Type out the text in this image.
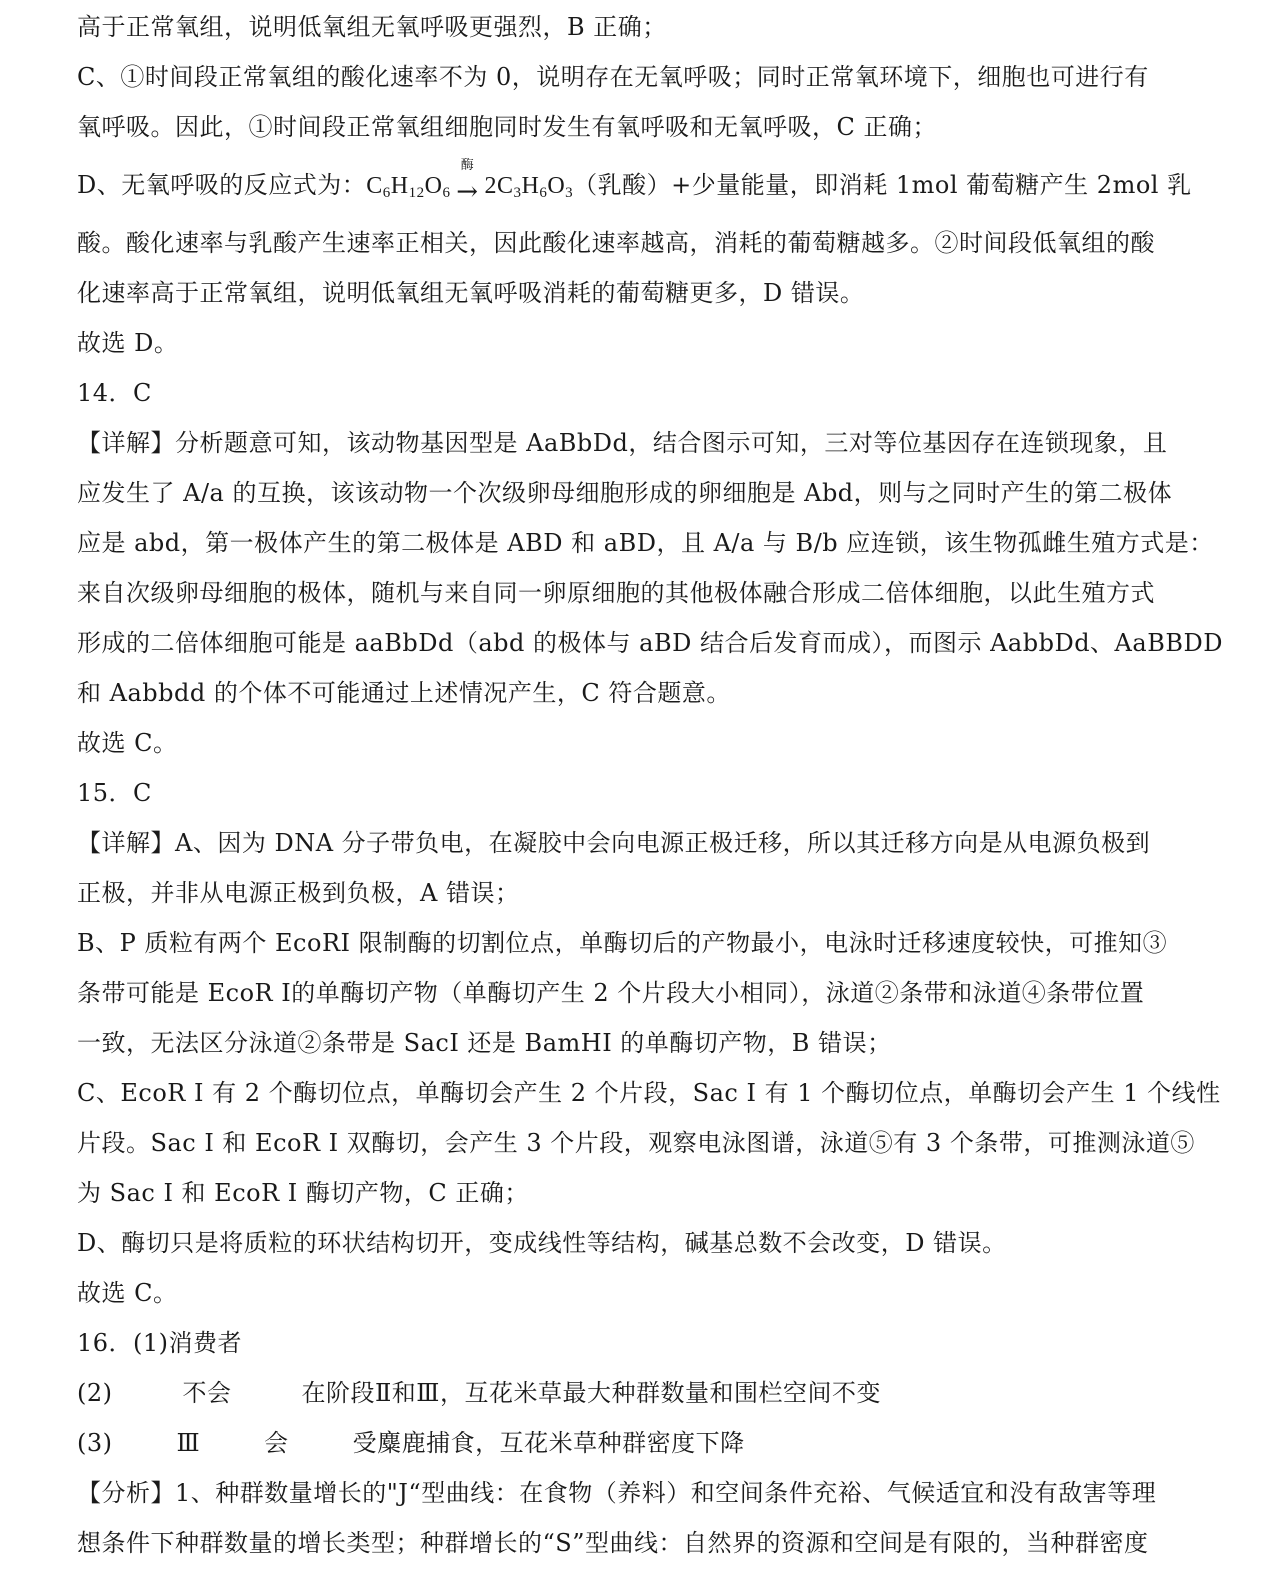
高于正常氧组，说明低氧组无氧呼吸更强烈，B 正确；
C、①时间段正常氧组的酸化速率不为 0，说明存在无氧呼吸；同时正常氧环境下，细胞也可进行有
氧呼吸。因此，①时间段正常氧组细胞同时发生有氧呼吸和无氧呼吸，C 正确；
D、无氧呼吸的反应式为：$C_6H_{12}O_6$
酶
→ $2C_3H_6O_3$（乳酸）+少量能量，即消耗 1mol 葡萄糖产生 2mol 乳
酸。酸化速率与乳酸产生速率正相关，因此酸化速率越高，消耗的葡萄糖越多。②时间段低氧组的酸
化速率高于正常氧组，说明低氧组无氧呼吸消耗的葡萄糖更多，D 错误。
故选 D。
14．C
【详解】分析题意可知，该动物基因型是 AaBbDd，结合图示可知，三对等位基因存在连锁现象，且
应发生了 A/a 的互换，该该动物一个次级卵母细胞形成的卵细胞是 Abd，则与之同时产生的第二极体
应是 abd，第一极体产生的第二极体是 ABD 和 aBD，且 A/a 与 B/b 应连锁，该生物孤雌生殖方式是：
来自次级卵母细胞的极体，随机与来自同一卵原细胞的其他极体融合形成二倍体细胞，以此生殖方式
形成的二倍体细胞可能是 aaBbDd（abd 的极体与 aBD 结合后发育而成），而图示 AabbDd、AaBBDD
和 Aabbdd 的个体不可能通过上述情况产生，C 符合题意。
故选 C。
15．C
【详解】A、因为 DNA 分子带负电，在凝胶中会向电源正极迁移，所以其迁移方向是从电源负极到
正极，并非从电源正极到负极，A 错误；
B、P 质粒有两个 EcoRI 限制酶的切割位点，单酶切后的产物最小，电泳时迁移速度较快，可推知③
条带可能是 EcoR Ⅰ的单酶切产物（单酶切产生 2 个片段大小相同），泳道②条带和泳道④条带位置
一致，无法区分泳道②条带是 SacI 还是 BamHI 的单酶切产物，B 错误；
C、EcoR I 有 2 个酶切位点，单酶切会产生 2 个片段，Sac I 有 1 个酶切位点，单酶切会产生 1 个线性
片段。Sac I 和 EcoR I 双酶切，会产生 3 个片段，观察电泳图谱，泳道⑤有 3 个条带，可推测泳道⑤
为 Sac I 和 EcoR I 酶切产物，C 正确；
D、酶切只是将质粒的环状结构切开，变成线性等结构，碱基总数不会改变，D 错误。
故选 C。
16．(1)消费者
(2)	不会	在阶段Ⅱ和Ⅲ，互花米草最大种群数量和围栏空间不变
(3)	Ⅲ	会	受麋鹿捕食，互花米草种群密度下降
【分析】1、种群数量增长的"J“型曲线：在食物（养料）和空间条件充裕、气候适宜和没有敌害等理
想条件下种群数量的增长类型；种群增长的“S”型曲线：自然界的资源和空间是有限的，当种群密度
